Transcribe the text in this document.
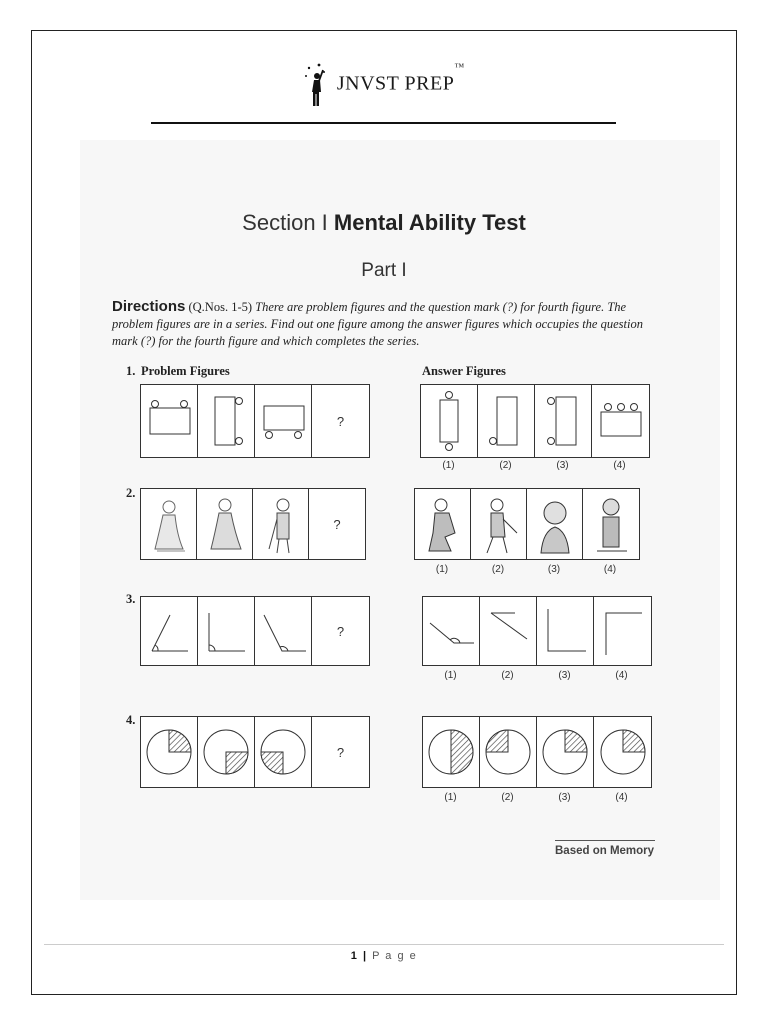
JNVST PREP™
Section I Mental Ability Test
Part I
Directions (Q.Nos. 1-5) There are problem figures and the question mark (?) for fourth figure. The problem figures are in a series. Find out one figure among the answer figures which occupies the question mark (?) for the fourth figure and which completes the series.
1. Problem Figures	Answer Figures
?
(1)	(2)	(3)	(4)
2.
?
(1)	(2)	(3)	(4)
3.
?
(1)	(2)	(3)	(4)
4.
?
(1)	(2)	(3)	(4)
Based on Memory
1 | P a g e
